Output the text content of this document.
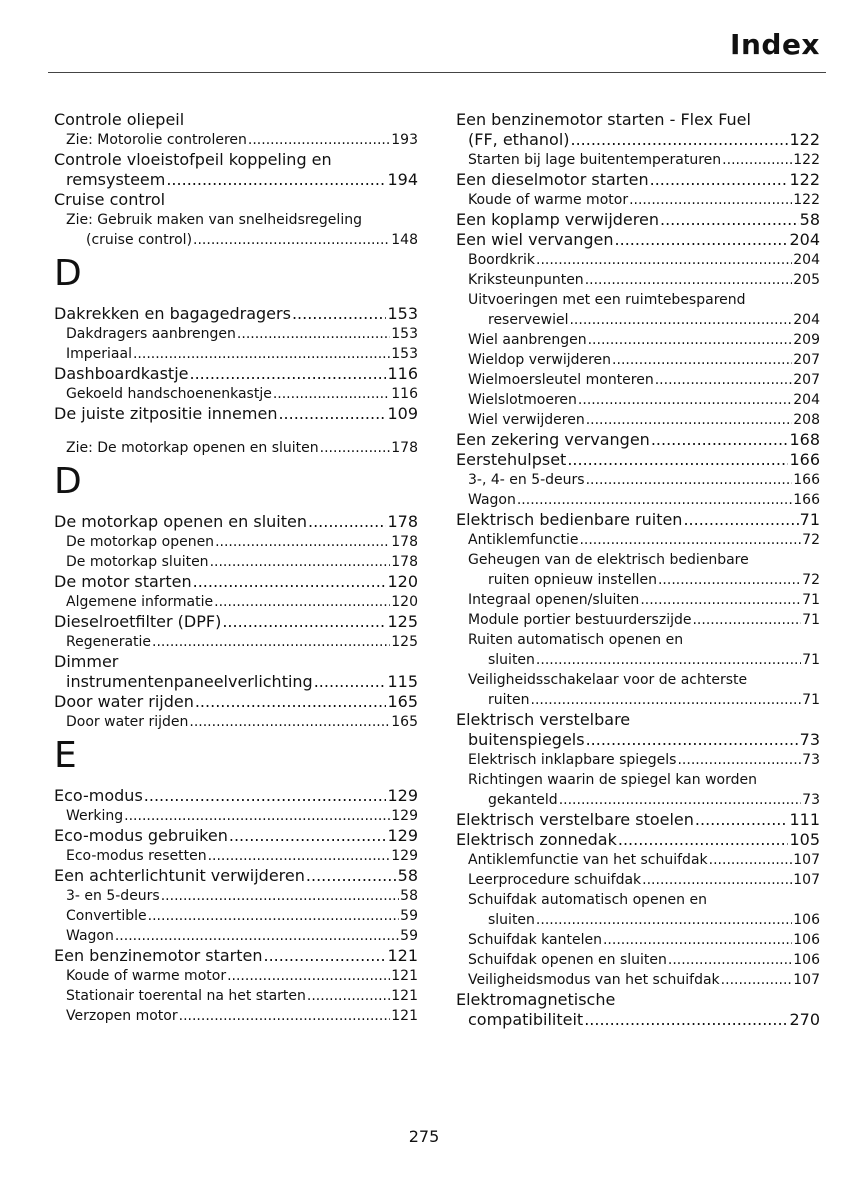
Index
Controle oliepeil
Zie: Motorolie controleren .....	193
Controle vloeistofpeil koppeling en
remsysteem .....	194
Cruise control
Zie: Gebruik maken van snelheidsregeling
(cruise control) .....	148
D
Dakrekken en bagagedragers .....	153
Dakdragers aanbrengen .....	153
Imperiaal .....	153
Dashboardkastje .....	116
Gekoeld handschoenenkastje .....	116
De juiste zitpositie innemen .....	109
Zie: De motorkap openen en sluiten .....	178
D
De motorkap openen en sluiten .....	178
De motorkap openen .....	178
De motorkap sluiten .....	178
De motor starten .....	120
Algemene informatie .....	120
Dieselroetfilter (DPF) .....	125
Regeneratie .....	125
Dimmer
instrumentenpaneelverlichting .....	115
Door water rijden .....	165
Door water rijden .....	165
E
Eco-modus .....	129
Werking .....	129
Eco-modus gebruiken .....	129
Eco-modus resetten .....	129
Een achterlichtunit verwijderen .....	58
3- en 5-deurs .....	58
Convertible .....	59
Wagon .....	59
Een benzinemotor starten .....	121
Koude of warme motor .....	121
Stationair toerental na het starten .....	121
Verzopen motor .....	121
Een benzinemotor starten - Flex Fuel
(FF, ethanol) .....	122
Starten bij lage buitentemperaturen .....	122
Een dieselmotor starten .....	122
Koude of warme motor .....	122
Een koplamp verwijderen .....	58
Een wiel vervangen .....	204
Boordkrik .....	204
Kriksteunpunten .....	205
Uitvoeringen met een ruimtebesparend
reservewiel .....	204
Wiel aanbrengen .....	209
Wieldop verwijderen .....	207
Wielmoersleutel monteren .....	207
Wielslotmoeren .....	204
Wiel verwijderen .....	208
Een zekering vervangen .....	168
Eerstehulpset .....	166
3-, 4- en 5-deurs .....	166
Wagon .....	166
Elektrisch bedienbare ruiten .....	71
Antiklemfunctie .....	72
Geheugen van de elektrisch bedienbare
ruiten opnieuw instellen .....	72
Integraal openen/sluiten .....	71
Module portier bestuurderszijde .....	71
Ruiten automatisch openen en
sluiten .....	71
Veiligheidsschakelaar voor de achterste
ruiten .....	71
Elektrisch verstelbare
buitenspiegels .....	73
Elektrisch inklapbare spiegels .....	73
Richtingen waarin de spiegel kan worden
gekanteld .....	73
Elektrisch verstelbare stoelen .....	111
Elektrisch zonnedak .....	105
Antiklemfunctie van het schuifdak .....	107
Leerprocedure schuifdak .....	107
Schuifdak automatisch openen en
sluiten .....	106
Schuifdak kantelen .....	106
Schuifdak openen en sluiten .....	106
Veiligheidsmodus van het schuifdak .....	107
Elektromagnetische
compatibiliteit .....	270
275
